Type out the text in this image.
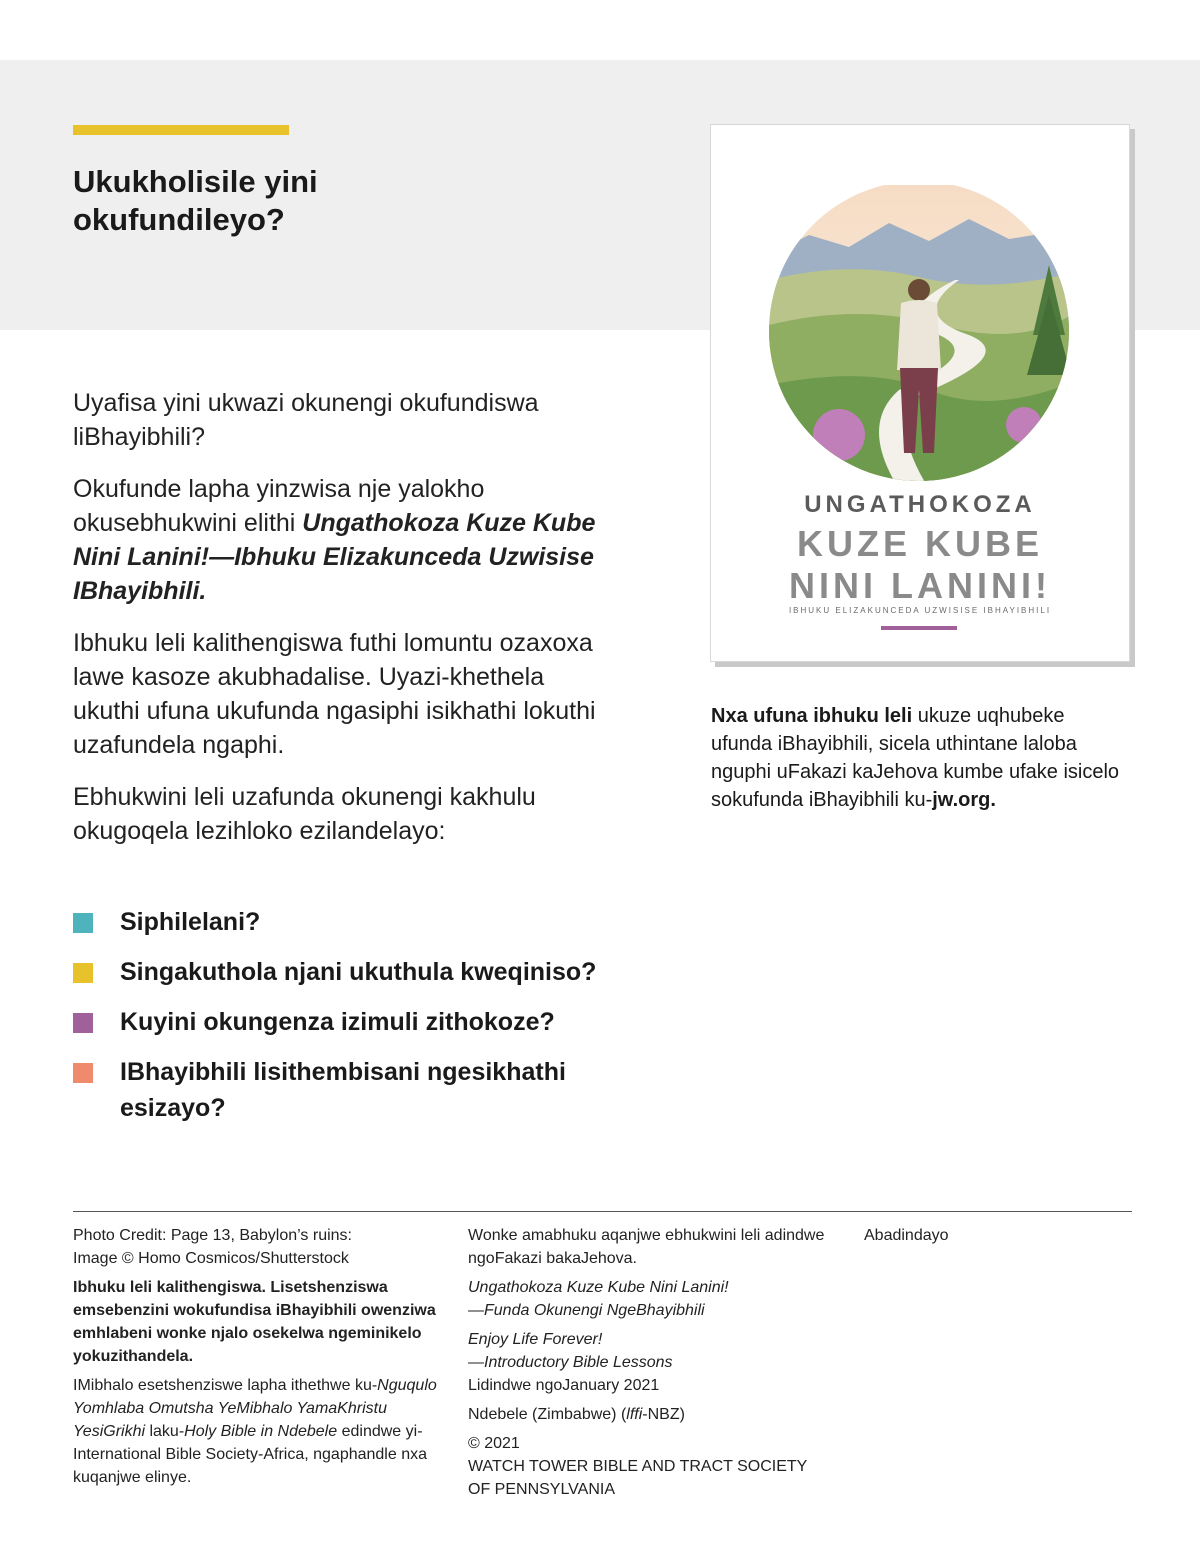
Ukukholisile yini okufundileyo?

Uyafisa yini ukwazi okunengi okufundiswa liBhayibhili?

Okufunde lapha yinzwisa nje yalokho okusebhukwini elithi Ungathokoza Kuze Kube Nini Lanini!—Ibhuku Elizakunceda Uzwisise IBhayibhili.

Ibhuku leli kalithengiswa futhi lomuntu ozaxoxa lawe kasoze akubhadalise. Uyazi-khethela ukuthi ufuna ukufunda ngasiphi isikhathi lokuthi uzafundela ngaphi.

Ebhukwini leli uzafunda okunengi kakhulu okugoqela lezihloko ezilandelayo:

Siphilelani?
Singakuthola njani ukuthula kweqiniso?
Kuyini okungenza izimuli zithokoze?
IBhayibhili lisithembisani ngesikhathi esizayo?
UNGATHOKOZA
KUZE KUBE
NINI LANINI!
IBHUKU ELIZAKUNCEDA UZWISISE IBHAYIBHILI

Nxa ufuna ibhuku leli ukuze uqhubeke ufunda iBhayibhili, sicela uthintane laloba nguphi uFakazi kaJehova kumbe ufake isicelo sokufunda iBhayibhili ku-jw.org.

Photo Credit: Page 13, Babylon’s ruins:
Image © Homo Cosmicos/Shutterstock

Ibhuku leli kalithengiswa. Lisetshenziswa emsebenzini wokufundisa iBhayibhili owenziwa emhlabeni wonke njalo osekelwa ngeminikelo yokuzithandela.

IMibhalo esetshenziswe lapha ithethwe ku-Nguqulo Yomhlaba Omutsha YeMibhalo YamaKhristu YesiGrikhi laku-Holy Bible in Ndebele edindwe yi-International Bible Society-Africa, ngaphandle nxa kuqanjwe elinye.

Wonke amabhuku aqanjwe ebhukwini leli adindwe ngoFakazi bakaJehova.

Ungathokoza Kuze Kube Nini Lanini!
—Funda Okunengi NgeBhayibhili

Enjoy Life Forever!
—Introductory Bible Lessons
Lidindwe ngoJanuary 2021

Ndebele (Zimbabwe) (lffi-NBZ)

© 2021
WATCH TOWER BIBLE AND TRACT SOCIETY
OF PENNSYLVANIA

Abadindayo
